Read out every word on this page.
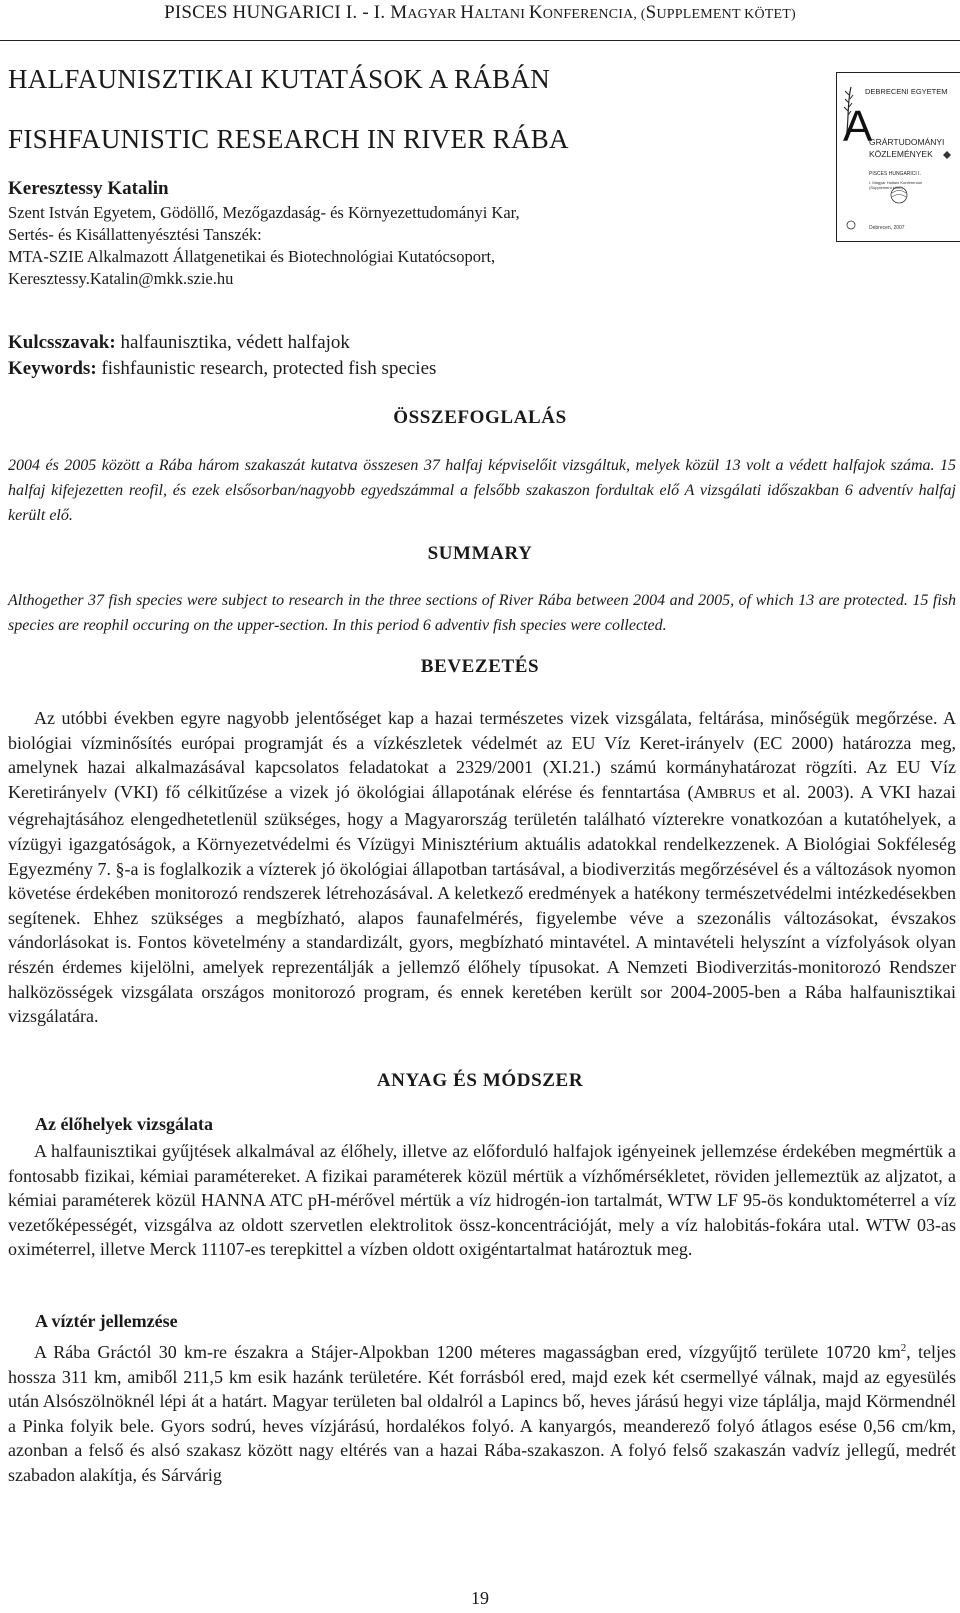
PISCES HUNGARICI I. - I. MAGYAR HALTANI KONFERENCIA, (SUPPLEMENT KÖTET)
HALFAUNISZTIKAI KUTATÁSOK A RÁBÁN
FISHFAUNISTIC RESEARCH IN RIVER RÁBA
Keresztessy Katalin
Szent István Egyetem, Gödöllő, Mezőgazdaság- és Környezettudományi Kar,
Sertés- és Kisállattenyésztési Tanszék:
MTA-SZIE Alkalmazott Állatgenetikai és Biotechnológiai Kutatócsoport,
Keresztessy.Katalin@mkk.szie.hu
DEBRECENI EGYETEM
A
GRÁRTUDOMÁNYI
KÖZLEMÉNYEK
PISCES HUNGARICI I.
I. Magyar Haltani Konferencia
(Supplement kötet)
Debrecen, 2007
Kulcsszavak: halfaunisztika, védett halfajok
Keywords: fishfaunistic research, protected fish species
ÖSSZEFOGLALÁS
2004 és 2005 között a Rába három szakaszát kutatva összesen 37 halfaj képviselőit vizsgáltuk, melyek közül 13 volt a védett halfajok száma. 15 halfaj kifejezetten reofil, és ezek elsősorban/nagyobb egyedszámmal a felsőbb szakaszon fordultak elő A vizsgálati időszakban 6 adventív halfaj került elő.
SUMMARY
Althogether 37 fish species were subject to research in the three sections of River Rába between 2004 and 2005, of which 13 are protected. 15 fish species are reophil occuring on the upper-section. In this period 6 adventiv fish species were collected.
BEVEZETÉS
Az utóbbi években egyre nagyobb jelentőséget kap a hazai természetes vizek vizsgálata, feltárása, minőségük megőrzése. A biológiai vízminősítés európai programját és a vízkészletek védelmét az EU Víz Keret-irányelv (EC 2000) határozza meg, amelynek hazai alkalmazásával kapcsolatos feladatokat a 2329/2001 (XI.21.) számú kormányhatározat rögzíti. Az EU Víz Keretirányelv (VKI) fő célkitűzése a vizek jó ökológiai állapotának elérése és fenntartása (AMBRUS et al. 2003). A VKI hazai végrehajtásához elengedhetetlenül szükséges, hogy a Magyarország területén található vízterekre vonatkozóan a kutatóhelyek, a vízügyi igazgatóságok, a Környezetvédelmi és Vízügyi Minisztérium aktuális adatokkal rendelkezzenek. A Biológiai Sokféleség Egyezmény 7. §-a is foglalkozik a vízterek jó ökológiai állapotban tartásával, a biodiverzitás megőrzésével és a változások nyomon követése érdekében monitorozó rendszerek létrehozásával. A keletkező eredmények a hatékony természetvédelmi intézkedésekben segítenek. Ehhez szükséges a megbízható, alapos faunafelmérés, figyelembe véve a szezonális változásokat, évszakos vándorlásokat is. Fontos követelmény a standardizált, gyors, megbízható mintavétel. A mintavételi helyszínt a vízfolyások olyan részén érdemes kijelölni, amelyek reprezentálják a jellemző élőhely típusokat. A Nemzeti Biodiverzitás-monitorozó Rendszer halközösségek vizsgálata országos monitorozó program, és ennek keretében került sor 2004-2005-ben a Rába halfaunisztikai vizsgálatára.
ANYAG ÉS MÓDSZER
Az élőhelyek vizsgálata
A halfaunisztikai gyűjtések alkalmával az élőhely, illetve az előforduló halfajok igényeinek jellemzése érdekében megmértük a fontosabb fizikai, kémiai paramétereket. A fizikai paraméterek közül mértük a vízhőmérsékletet, röviden jellemeztük az aljzatot, a kémiai paraméterek közül HANNA ATC pH-mérővel mértük a víz hidrogén-ion tartalmát, WTW LF 95-ös konduktométerrel a víz vezetőképességét, vizsgálva az oldott szervetlen elektrolitok össz-koncentrációját, mely a víz halobitás-fokára utal. WTW 03-as oximéterrel, illetve Merck 11107-es terepkittel a vízben oldott oxigéntartalmat határoztuk meg.
A víztér jellemzése
A Rába Gráctól 30 km-re északra a Stájer-Alpokban 1200 méteres magasságban ered, vízgyűjtő területe 10720 $km^2$, teljes hossza 311 km, amiből 211,5 km esik hazánk területére. Két forrásból ered, majd ezek két csermellyé válnak, majd az egyesülés után Alsószölnöknél lépi át a határt. Magyar területen bal oldalról a Lapincs bő, heves járású hegyi vize táplálja, majd Körmendnél a Pinka folyik bele. Gyors sodrú, heves vízjárású, hordalékos folyó. A kanyargós, meanderező folyó átlagos esése 0,56 cm/km, azonban a felső és alsó szakasz között nagy eltérés van a hazai Rába-szakaszon. A folyó felső szakaszán vadvíz jellegű, medrét szabadon alakítja, és Sárvárig
19
